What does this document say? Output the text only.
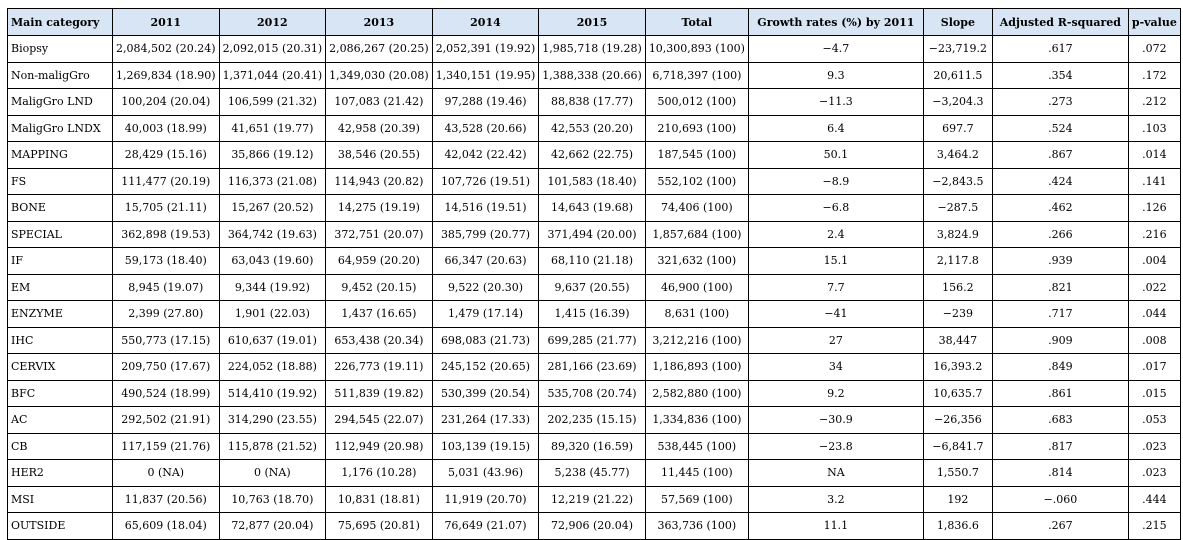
Main category	2011	2012	2013	2014	2015	Total	Growth rates (%) by 2011	Slope	Adjusted R-squared	p-value
Biopsy	2,084,502 (20.24)	2,092,015 (20.31)	2,086,267 (20.25)	2,052,391 (19.92)	1,985,718 (19.28)	10,300,893 (100)	−4.7	−23,719.2	.617	.072
Non-maligGro	1,269,834 (18.90)	1,371,044 (20.41)	1,349,030 (20.08)	1,340,151 (19.95)	1,388,338 (20.66)	6,718,397 (100)	9.3	20,611.5	.354	.172
MaligGro LND	100,204 (20.04)	106,599 (21.32)	107,083 (21.42)	97,288 (19.46)	88,838 (17.77)	500,012 (100)	−11.3	−3,204.3	.273	.212
MaligGro LNDX	40,003 (18.99)	41,651 (19.77)	42,958 (20.39)	43,528 (20.66)	42,553 (20.20)	210,693 (100)	6.4	697.7	.524	.103
MAPPING	28,429 (15.16)	35,866 (19.12)	38,546 (20.55)	42,042 (22.42)	42,662 (22.75)	187,545 (100)	50.1	3,464.2	.867	.014
FS	111,477 (20.19)	116,373 (21.08)	114,943 (20.82)	107,726 (19.51)	101,583 (18.40)	552,102 (100)	−8.9	−2,843.5	.424	.141
BONE	15,705 (21.11)	15,267 (20.52)	14,275 (19.19)	14,516 (19.51)	14,643 (19.68)	74,406 (100)	−6.8	−287.5	.462	.126
SPECIAL	362,898 (19.53)	364,742 (19.63)	372,751 (20.07)	385,799 (20.77)	371,494 (20.00)	1,857,684 (100)	2.4	3,824.9	.266	.216
IF	59,173 (18.40)	63,043 (19.60)	64,959 (20.20)	66,347 (20.63)	68,110 (21.18)	321,632 (100)	15.1	2,117.8	.939	.004
EM	8,945 (19.07)	9,344 (19.92)	9,452 (20.15)	9,522 (20.30)	9,637 (20.55)	46,900 (100)	7.7	156.2	.821	.022
ENZYME	2,399 (27.80)	1,901 (22.03)	1,437 (16.65)	1,479 (17.14)	1,415 (16.39)	8,631 (100)	−41	−239	.717	.044
IHC	550,773 (17.15)	610,637 (19.01)	653,438 (20.34)	698,083 (21.73)	699,285 (21.77)	3,212,216 (100)	27	38,447	.909	.008
CERVIX	209,750 (17.67)	224,052 (18.88)	226,773 (19.11)	245,152 (20.65)	281,166 (23.69)	1,186,893 (100)	34	16,393.2	.849	.017
BFC	490,524 (18.99)	514,410 (19.92)	511,839 (19.82)	530,399 (20.54)	535,708 (20.74)	2,582,880 (100)	9.2	10,635.7	.861	.015
AC	292,502 (21.91)	314,290 (23.55)	294,545 (22.07)	231,264 (17.33)	202,235 (15.15)	1,334,836 (100)	−30.9	−26,356	.683	.053
CB	117,159 (21.76)	115,878 (21.52)	112,949 (20.98)	103,139 (19.15)	89,320 (16.59)	538,445 (100)	−23.8	−6,841.7	.817	.023
HER2	0 (NA)	0 (NA)	1,176 (10.28)	5,031 (43.96)	5,238 (45.77)	11,445 (100)	NA	1,550.7	.814	.023
MSI	11,837 (20.56)	10,763 (18.70)	10,831 (18.81)	11,919 (20.70)	12,219 (21.22)	57,569 (100)	3.2	192	−.060	.444
OUTSIDE	65,609 (18.04)	72,877 (20.04)	75,695 (20.81)	76,649 (21.07)	72,906 (20.04)	363,736 (100)	11.1	1,836.6	.267	.215
